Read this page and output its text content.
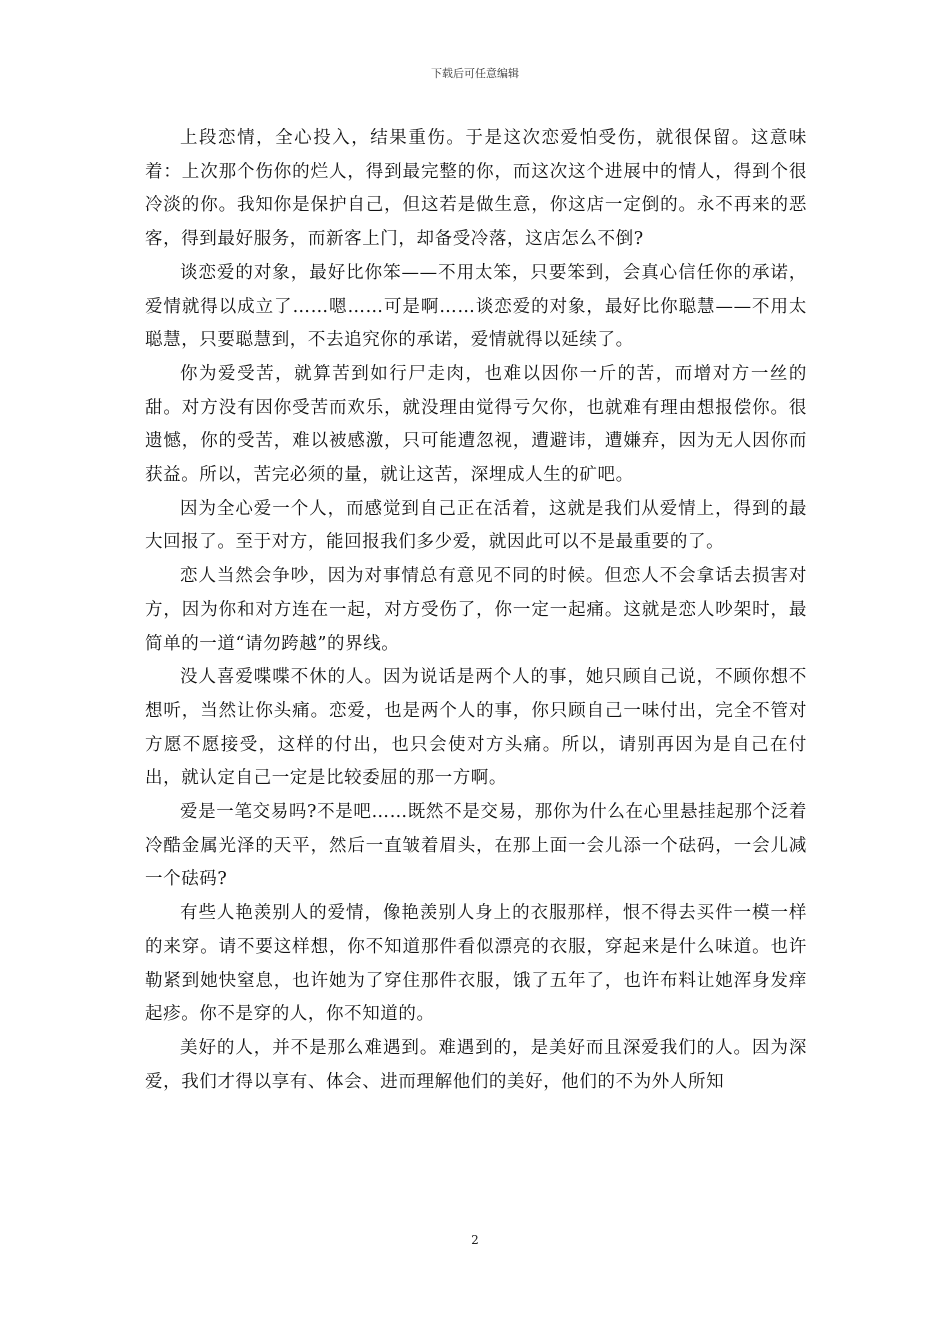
下载后可任意编辑

上段恋情，全心投入，结果重伤。于是这次恋爱怕受伤，就很保留。这意味着：上次那个伤你的烂人，得到最完整的你，而这次这个进展中的情人，得到个很冷淡的你。我知你是保护自己，但这若是做生意，你这店一定倒的。永不再来的恶客，得到最好服务，而新客上门，却备受冷落，这店怎么不倒?

谈恋爱的对象，最好比你笨——不用太笨，只要笨到，会真心信任你的承诺，爱情就得以成立了……嗯……可是啊……谈恋爱的对象，最好比你聪慧——不用太聪慧，只要聪慧到，不去追究你的承诺，爱情就得以延续了。

你为爱受苦，就算苦到如行尸走肉，也难以因你一斤的苦，而增对方一丝的甜。对方没有因你受苦而欢乐，就没理由觉得亏欠你，也就难有理由想报偿你。很遗憾，你的受苦，难以被感激，只可能遭忽视，遭避讳，遭嫌弃，因为无人因你而获益。所以，苦完必须的量，就让这苦，深埋成人生的矿吧。

因为全心爱一个人，而感觉到自己正在活着，这就是我们从爱情上，得到的最大回报了。至于对方，能回报我们多少爱，就因此可以不是最重要的了。

恋人当然会争吵，因为对事情总有意见不同的时候。但恋人不会拿话去损害对方，因为你和对方连在一起，对方受伤了，你一定一起痛。这就是恋人吵架时，最简单的一道“请勿跨越”的界线。

没人喜爱喋喋不休的人。因为说话是两个人的事，她只顾自己说，不顾你想不想听，当然让你头痛。恋爱，也是两个人的事，你只顾自己一味付出，完全不管对方愿不愿接受，这样的付出，也只会使对方头痛。所以，请别再因为是自己在付出，就认定自己一定是比较委屈的那一方啊。

爱是一笔交易吗?不是吧……既然不是交易，那你为什么在心里悬挂起那个泛着冷酷金属光泽的天平，然后一直皱着眉头，在那上面一会儿添一个砝码，一会儿减一个砝码?

有些人艳羡别人的爱情，像艳羡别人身上的衣服那样，恨不得去买件一模一样的来穿。请不要这样想，你不知道那件看似漂亮的衣服，穿起来是什么味道。也许勒紧到她快窒息，也许她为了穿住那件衣服，饿了五年了，也许布料让她浑身发痒起疹。你不是穿的人，你不知道的。

美好的人，并不是那么难遇到。难遇到的，是美好而且深爱我们的人。因为深爱，我们才得以享有、体会、进而理解他们的美好，他们的不为外人所知

2
